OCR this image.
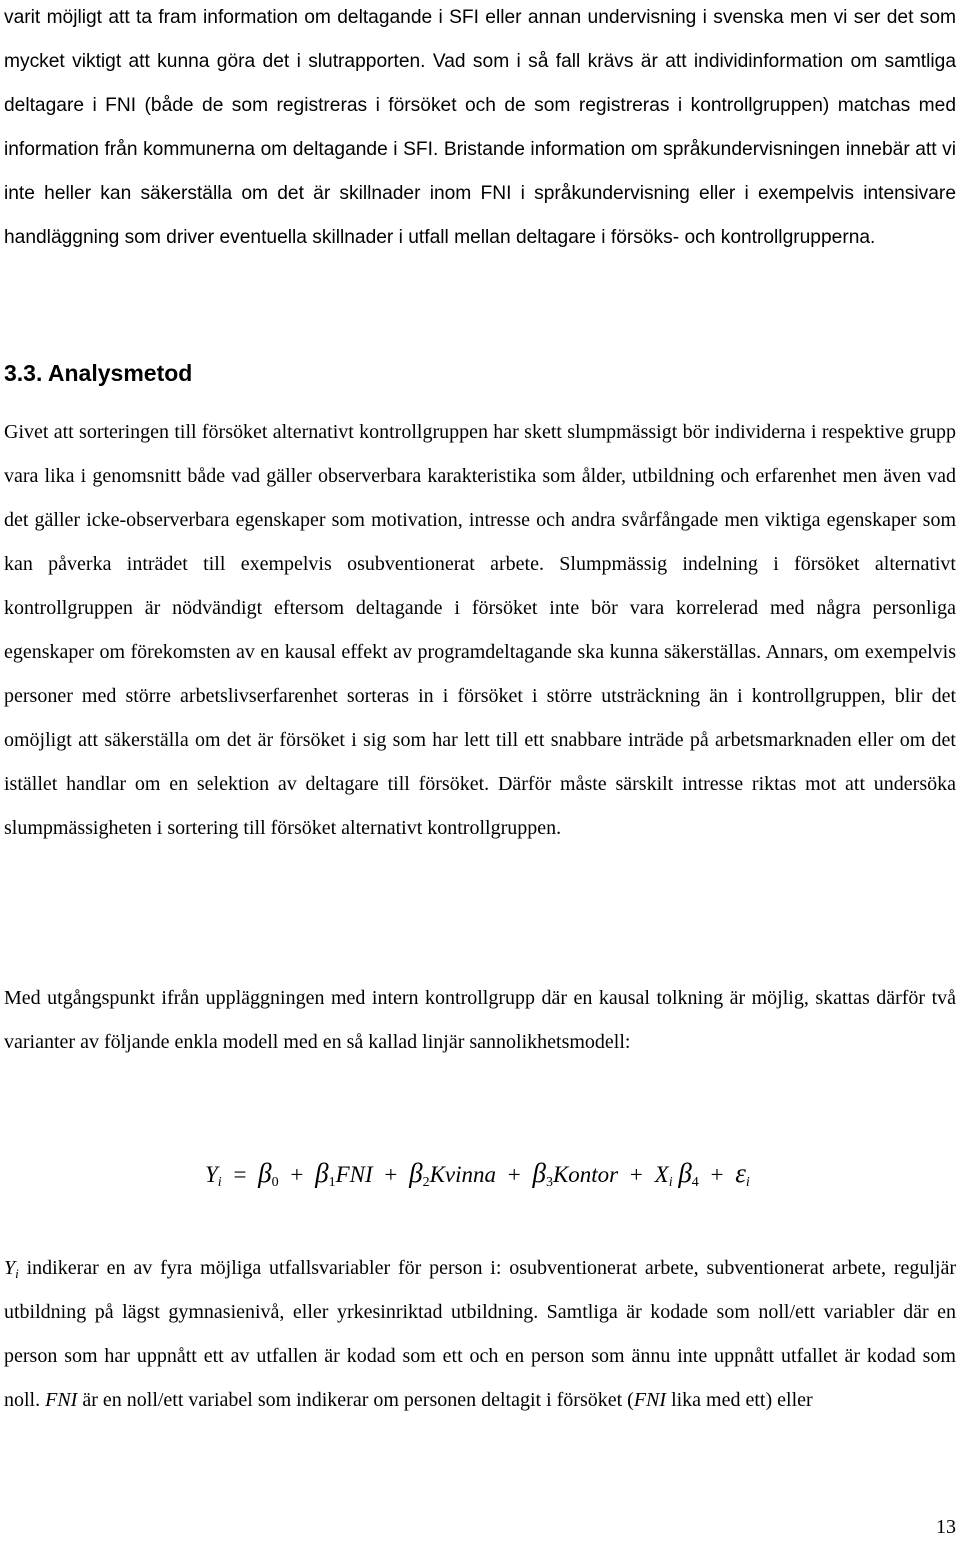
varit möjligt att ta fram information om deltagande i SFI eller annan undervisning i svenska men vi ser det som mycket viktigt att kunna göra det i slutrapporten. Vad som i så fall krävs är att individinformation om samtliga deltagare i FNI (både de som registreras i försöket och de som registreras i kontrollgruppen) matchas med information från kommunerna om deltagande i SFI. Bristande information om språkundervisningen innebär att vi inte heller kan säkerställa om det är skillnader inom FNI i språkundervisning eller i exempelvis intensivare handläggning som driver eventuella skillnader i utfall mellan deltagare i försöks- och kontrollgrupperna.

3.3. Analysmetod

Givet att sorteringen till försöket alternativt kontrollgruppen har skett slumpmässigt bör individerna i respektive grupp vara lika i genomsnitt både vad gäller observerbara karakteristika som ålder, utbildning och erfarenhet men även vad det gäller icke-observerbara egenskaper som motivation, intresse och andra svårfångade men viktiga egenskaper som kan påverka inträdet till exempelvis osubventionerat arbete. Slumpmässig indelning i försöket alternativt kontrollgruppen är nödvändigt eftersom deltagande i försöket inte bör vara korrelerad med några personliga egenskaper om förekomsten av en kausal effekt av programdeltagande ska kunna säkerställas. Annars, om exempelvis personer med större arbetslivserfarenhet sorteras in i försöket i större utsträckning än i kontrollgruppen, blir det omöjligt att säkerställa om det är försöket i sig som har lett till ett snabbare inträde på arbetsmarknaden eller om det istället handlar om en selektion av deltagare till försöket. Därför måste särskilt intresse riktas mot att undersöka slumpmässigheten i sortering till försöket alternativt kontrollgruppen.

Med utgångspunkt ifrån uppläggningen med intern kontrollgrupp där en kausal tolkning är möjlig, skattas därför två varianter av följande enkla modell med en så kallad linjär sannolikhetsmodell:

$Y_i = \beta_0 + \beta_1FNI$ + $\beta_2Kvinna$ + $\beta_3Kontor + X_i$ $\beta_4 + \varepsilon_i$

$Y_i$ indikerar en av fyra möjliga utfallsvariabler för person i: osubventionerat arbete, subventionerat arbete, reguljär utbildning på lägst gymnasienivå, eller yrkesinriktad utbildning. Samtliga är kodade som noll/ett variabler där en person som har uppnått ett av utfallen är kodad som ett och en person som ännu inte uppnått utfallet är kodad som noll. FNI är en noll/ett variabel som indikerar om personen deltagit i försöket (FNI lika med ett) eller

13
